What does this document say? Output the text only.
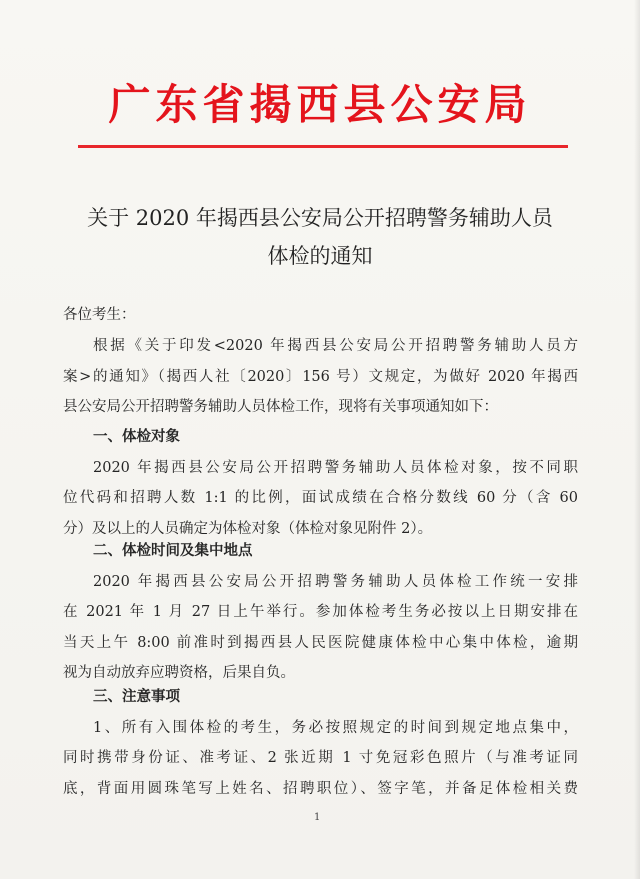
广东省揭西县公安局
关于 2020 年揭西县公安局公开招聘警务辅助人员
体检的通知
各位考生：
根据《关于印发<2020 年揭西县公安局公开招聘警务辅助人员方
案>的通知》（揭西人社〔2020〕156 号）文规定，为做好 2020 年揭西
县公安局公开招聘警务辅助人员体检工作，现将有关事项通知如下：
一、体检对象
2020 年揭西县公安局公开招聘警务辅助人员体检对象，按不同职
位代码和招聘人数 1:1 的比例，面试成绩在合格分数线 60 分（含 60
分）及以上的人员确定为体检对象（体检对象见附件 2）。
二、体检时间及集中地点
2020 年揭西县公安局公开招聘警务辅助人员体检工作统一安排
在 2021 年 1 月 27 日上午举行。参加体检考生务必按以上日期安排在
当天上午 8:00 前准时到揭西县人民医院健康体检中心集中体检，逾期
视为自动放弃应聘资格，后果自负。
三、注意事项
1、所有入围体检的考生，务必按照规定的时间到规定地点集中，
同时携带身份证、准考证、2 张近期 1 寸免冠彩色照片（与准考证同
底，背面用圆珠笔写上姓名、招聘职位）、签字笔，并备足体检相关费
1
